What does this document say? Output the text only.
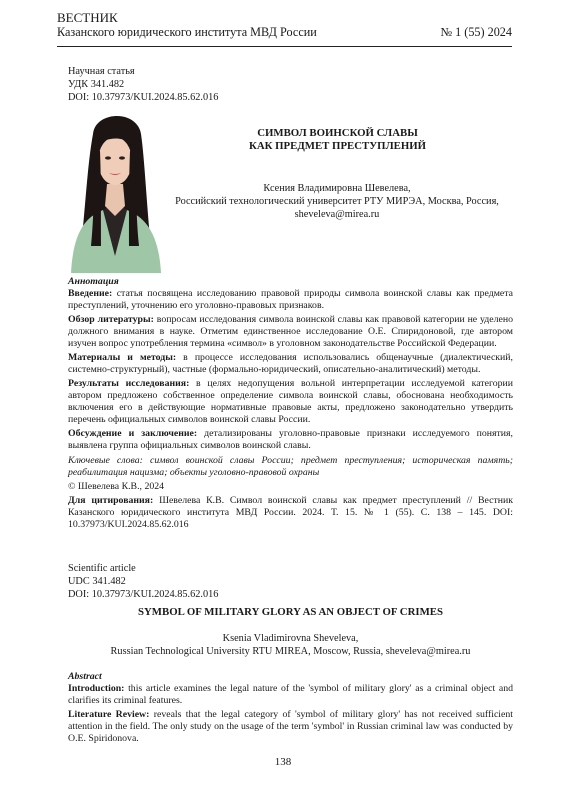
ВЕСТНИК
Казанского юридического института МВД России	№ 1 (55) 2024
Научная статья
УДК 341.482
DOI: 10.37973/KUI.2024.85.62.016
СИМВОЛ ВОИНСКОЙ СЛАВЫ
КАК ПРЕДМЕТ ПРЕСТУПЛЕНИЙ
Ксения Владимировна Шевелева,
Российский технологический университет РТУ МИРЭА, Москва, Россия,
sheveleva@mirea.ru

Аннотация

Введение: статья посвящена исследованию правовой природы символа воинской славы как предмета преступлений, уточнению его уголовно-правовых признаков.

Обзор литературы: вопросам исследования символа воинской славы как правовой категории не уделено должного внимания в науке. Отметим единственное исследование О.Е. Спиридоновой, где автором изучен вопрос употребления термина «символ» в уголовном законодательстве Российской Федерации.

Материалы и методы: в процессе исследования использовались общенаучные (диалектический, системно-структурный), частные (формально-юридический, описательно-аналитический) методы.

Результаты исследования: в целях недопущения вольной интерпретации исследуемой категории автором предложено собственное определение символа воинской славы, обоснована необходимость включения его в действующие нормативные правовые акты, предложено законодательно утвердить перечень официальных символов воинской славы России.

Обсуждение и заключение: детализированы уголовно-правовые признаки исследуемого понятия, выявлена группа официальных символов воинской славы.

Ключевые слова: символ воинской славы России; предмет преступления; историческая память; реабилитация нацизма; объекты уголовно-правовой охраны

© Шевелева К.В., 2024

Для цитирования: Шевелева К.В. Символ воинской славы как предмет преступлений // Вестник Казанского юридического института МВД России. 2024. Т. 15. № 1 (55). С. 138 – 145. DOI: 10.37973/KUI.2024.85.62.016

Scientific article
UDC 341.482
DOI: 10.37973/KUI.2024.85.62.016
SYMBOL OF MILITARY GLORY AS AN OBJECT OF CRIMES
Ksenia Vladimirovna Sheveleva,
Russian Technological University RTU MIREA, Moscow, Russia, sheveleva@mirea.ru

Abstract

Introduction: this article examines the legal nature of the 'symbol of military glory' as a criminal object and clarifies its criminal features.

Literature Review: reveals that the legal category of 'symbol of military glory' has not received sufficient attention in the field. The only study on the usage of the term 'symbol' in Russian criminal law was conducted by O.E. Spiridonova.

138
